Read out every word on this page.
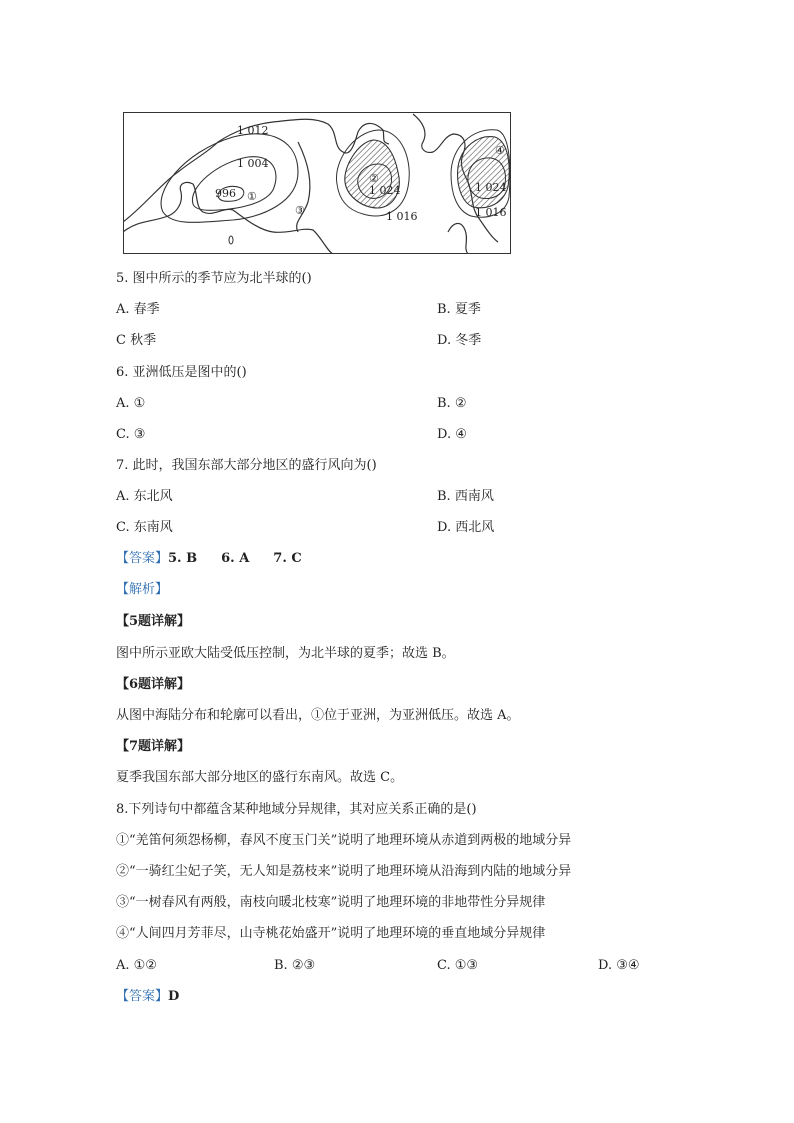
1 012
1 004
996	1 024
1 016
1 024
1 016
①
②
③
④
5. 图中所示的季节应为北半球的()
A. 春季	B. 夏季
C 秋季	D. 冬季
6. 亚洲低压是图中的()
A. ①	B. ②
C. ③	D. ④
7. 此时，我国东部大部分地区的盛行风向为()
A. 东北风	B. 西南风
C. 东南风	D. 西北风
【答案】5. B 6. A 7. C
【解析】
【5题详解】
图中所示亚欧大陆受低压控制，为北半球的夏季；故选 B。
【6题详解】
从图中海陆分布和轮廓可以看出，①位于亚洲，为亚洲低压。故选 A。
【7题详解】
夏季我国东部大部分地区的盛行东南风。故选 C。
8.下列诗句中都蕴含某种地域分异规律，其对应关系正确的是()
①“羌笛何须怨杨柳，春风不度玉门关”说明了地理环境从赤道到两极的地域分异
②“一骑红尘妃子笑，无人知是荔枝来”说明了地理环境从沿海到内陆的地域分异
③“一树春风有两般，南枝向暖北枝寒”说明了地理环境的非地带性分异规律
④“人间四月芳菲尽，山寺桃花始盛开”说明了地理环境的垂直地域分异规律
A. ①②	B. ②③	C. ①③	D. ③④
【答案】D
